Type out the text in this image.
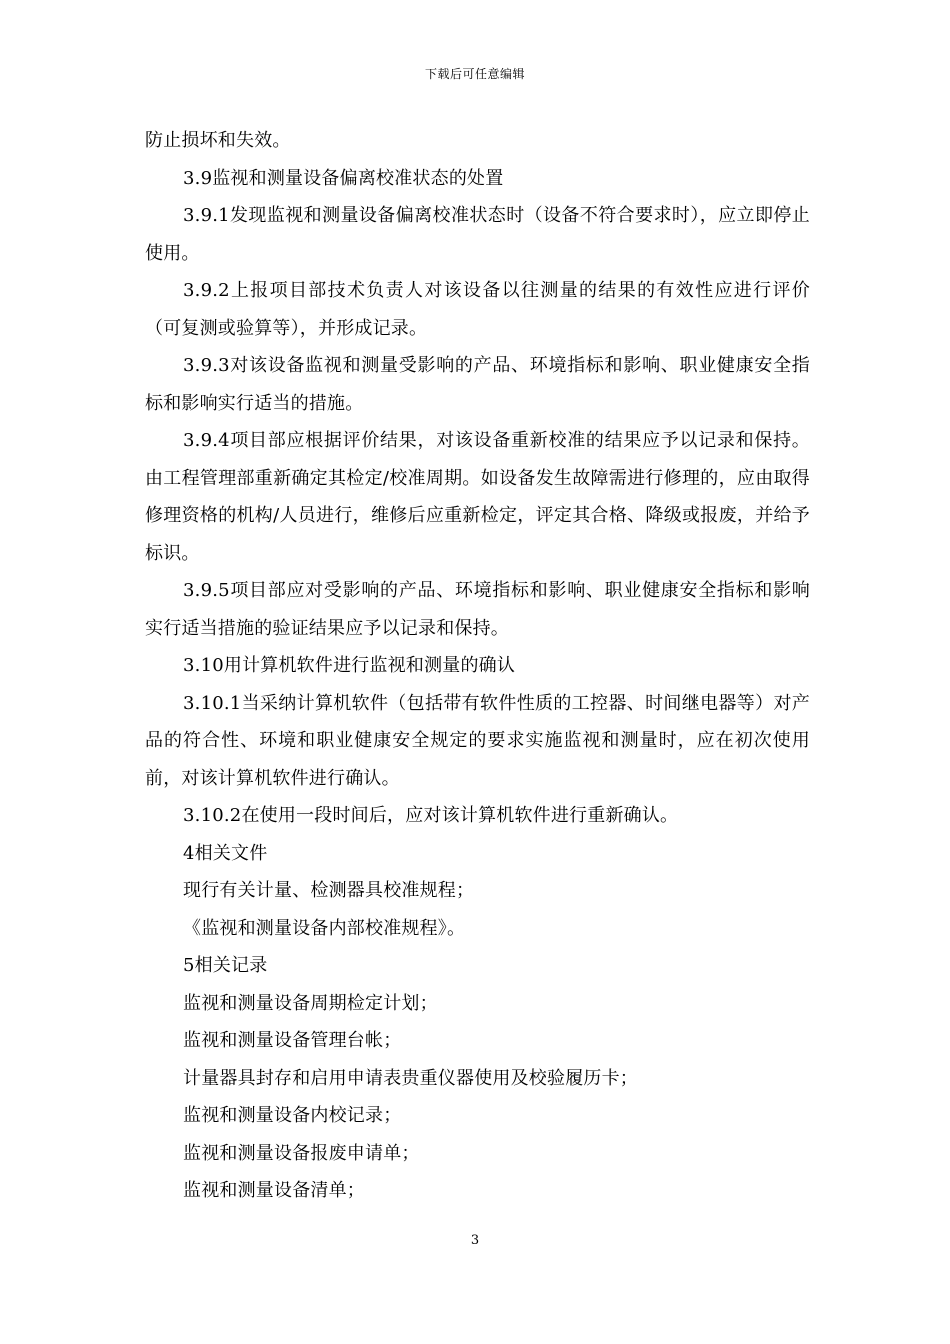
下载后可任意编辑

防止损坏和失效。

3.9监视和测量设备偏离校准状态的处置

3.9.1发现监视和测量设备偏离校准状态时（设备不符合要求时），应立即停止使用。

3.9.2上报项目部技术负责人对该设备以往测量的结果的有效性应进行评价（可复测或验算等），并形成记录。

3.9.3对该设备监视和测量受影响的产品、环境指标和影响、职业健康安全指标和影响实行适当的措施。

3.9.4项目部应根据评价结果，对该设备重新校准的结果应予以记录和保持。由工程管理部重新确定其检定/校准周期。如设备发生故障需进行修理的，应由取得修理资格的机构/人员进行，维修后应重新检定，评定其合格、降级或报废，并给予标识。

3.9.5项目部应对受影响的产品、环境指标和影响、职业健康安全指标和影响实行适当措施的验证结果应予以记录和保持。

3.10用计算机软件进行监视和测量的确认

3.10.1当采纳计算机软件（包括带有软件性质的工控器、时间继电器等）对产品的符合性、环境和职业健康安全规定的要求实施监视和测量时，应在初次使用前，对该计算机软件进行确认。

3.10.2在使用一段时间后，应对该计算机软件进行重新确认。

4相关文件

现行有关计量、检测器具校准规程；

《监视和测量设备内部校准规程》。

5相关记录

监视和测量设备周期检定计划；

监视和测量设备管理台帐；

计量器具封存和启用申请表贵重仪器使用及校验履历卡；

监视和测量设备内校记录；

监视和测量设备报废申请单；

监视和测量设备清单；

3
